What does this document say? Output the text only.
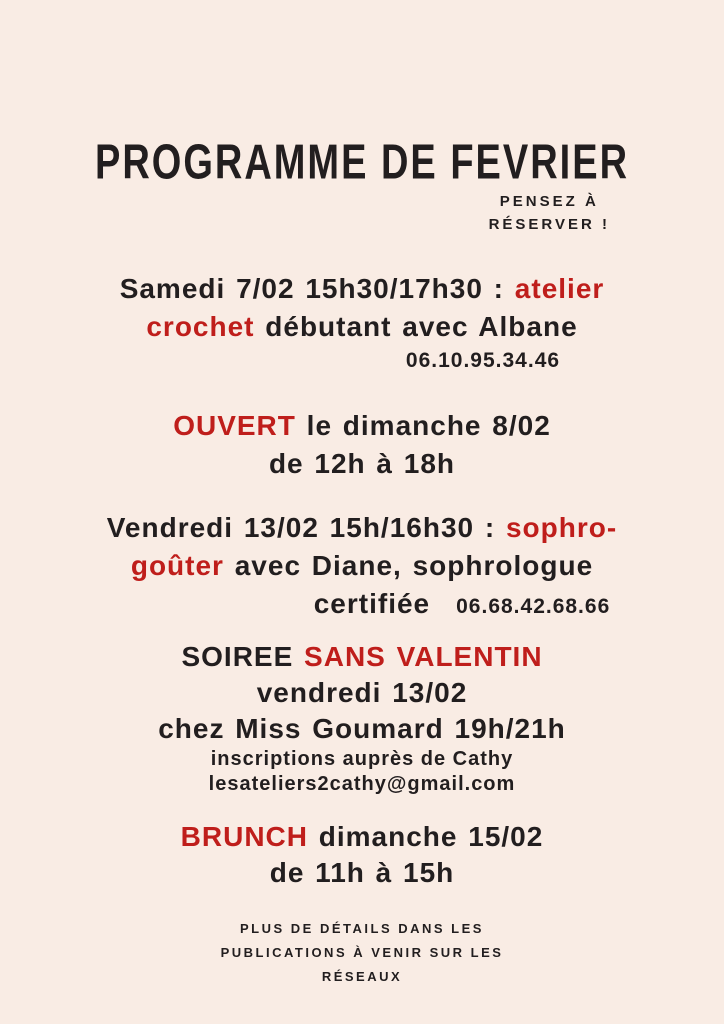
PROGRAMME DE FEVRIER
PENSEZ À
RÉSERVER !

Samedi 7/02 15h30/17h30 : atelier

crochet débutant avec Albane

06.10.95.34.46

OUVERT le dimanche 8/02

de 12h à 18h

Vendredi 13/02 15h/16h30 : sophro-

goûter avec Diane, sophrologue

certifiée 06.68.42.68.66

SOIREE SANS VALENTIN

vendredi 13/02

chez Miss Goumard 19h/21h

inscriptions auprès de Cathy

lesateliers2cathy@gmail.com

BRUNCH dimanche 15/02

de 11h à 15h

PLUS DE DÉTAILS DANS LES
PUBLICATIONS À VENIR SUR LES
RÉSEAUX
